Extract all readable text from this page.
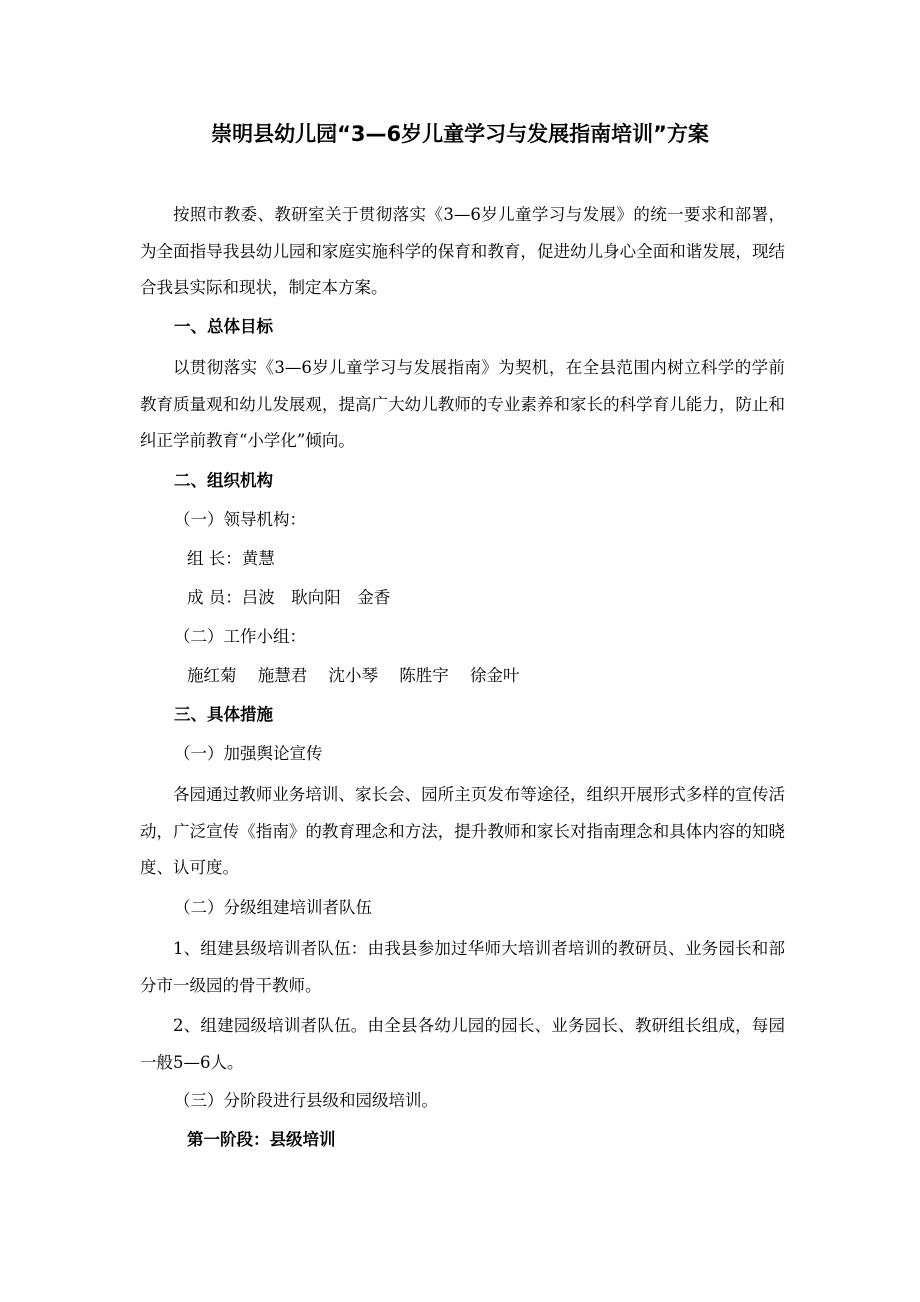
崇明县幼儿园“3—6岁儿童学习与发展指南培训”方案

按照市教委、教研室关于贯彻落实《3—6岁儿童学习与发展》的统一要求和部署，为全面指导我县幼儿园和家庭实施科学的保育和教育，促进幼儿身心全面和谐发展，现结合我县实际和现状，制定本方案。

一、总体目标

以贯彻落实《3—6岁儿童学习与发展指南》为契机，在全县范围内树立科学的学前教育质量观和幼儿发展观，提高广大幼儿教师的专业素养和家长的科学育儿能力，防止和纠正学前教育“小学化”倾向。

二、组织机构
（一）领导机构：
组 长：黄慧
成 员：吕波　耿向阳　金香
（二）工作小组：
施红菊 施慧君 沈小琴 陈胜宇 徐金叶
三、具体措施
（一）加强舆论宣传

各园通过教师业务培训、家长会、园所主页发布等途径，组织开展形式多样的宣传活动，广泛宣传《指南》的教育理念和方法，提升教师和家长对指南理念和具体内容的知晓度、认可度。

（二）分级组建培训者队伍

1、组建县级培训者队伍：由我县参加过华师大培训者培训的教研员、业务园长和部分市一级园的骨干教师。

2、组建园级培训者队伍。由全县各幼儿园的园长、业务园长、教研组长组成，每园一般5—6人。

（三）分阶段进行县级和园级培训。
第一阶段：县级培训
